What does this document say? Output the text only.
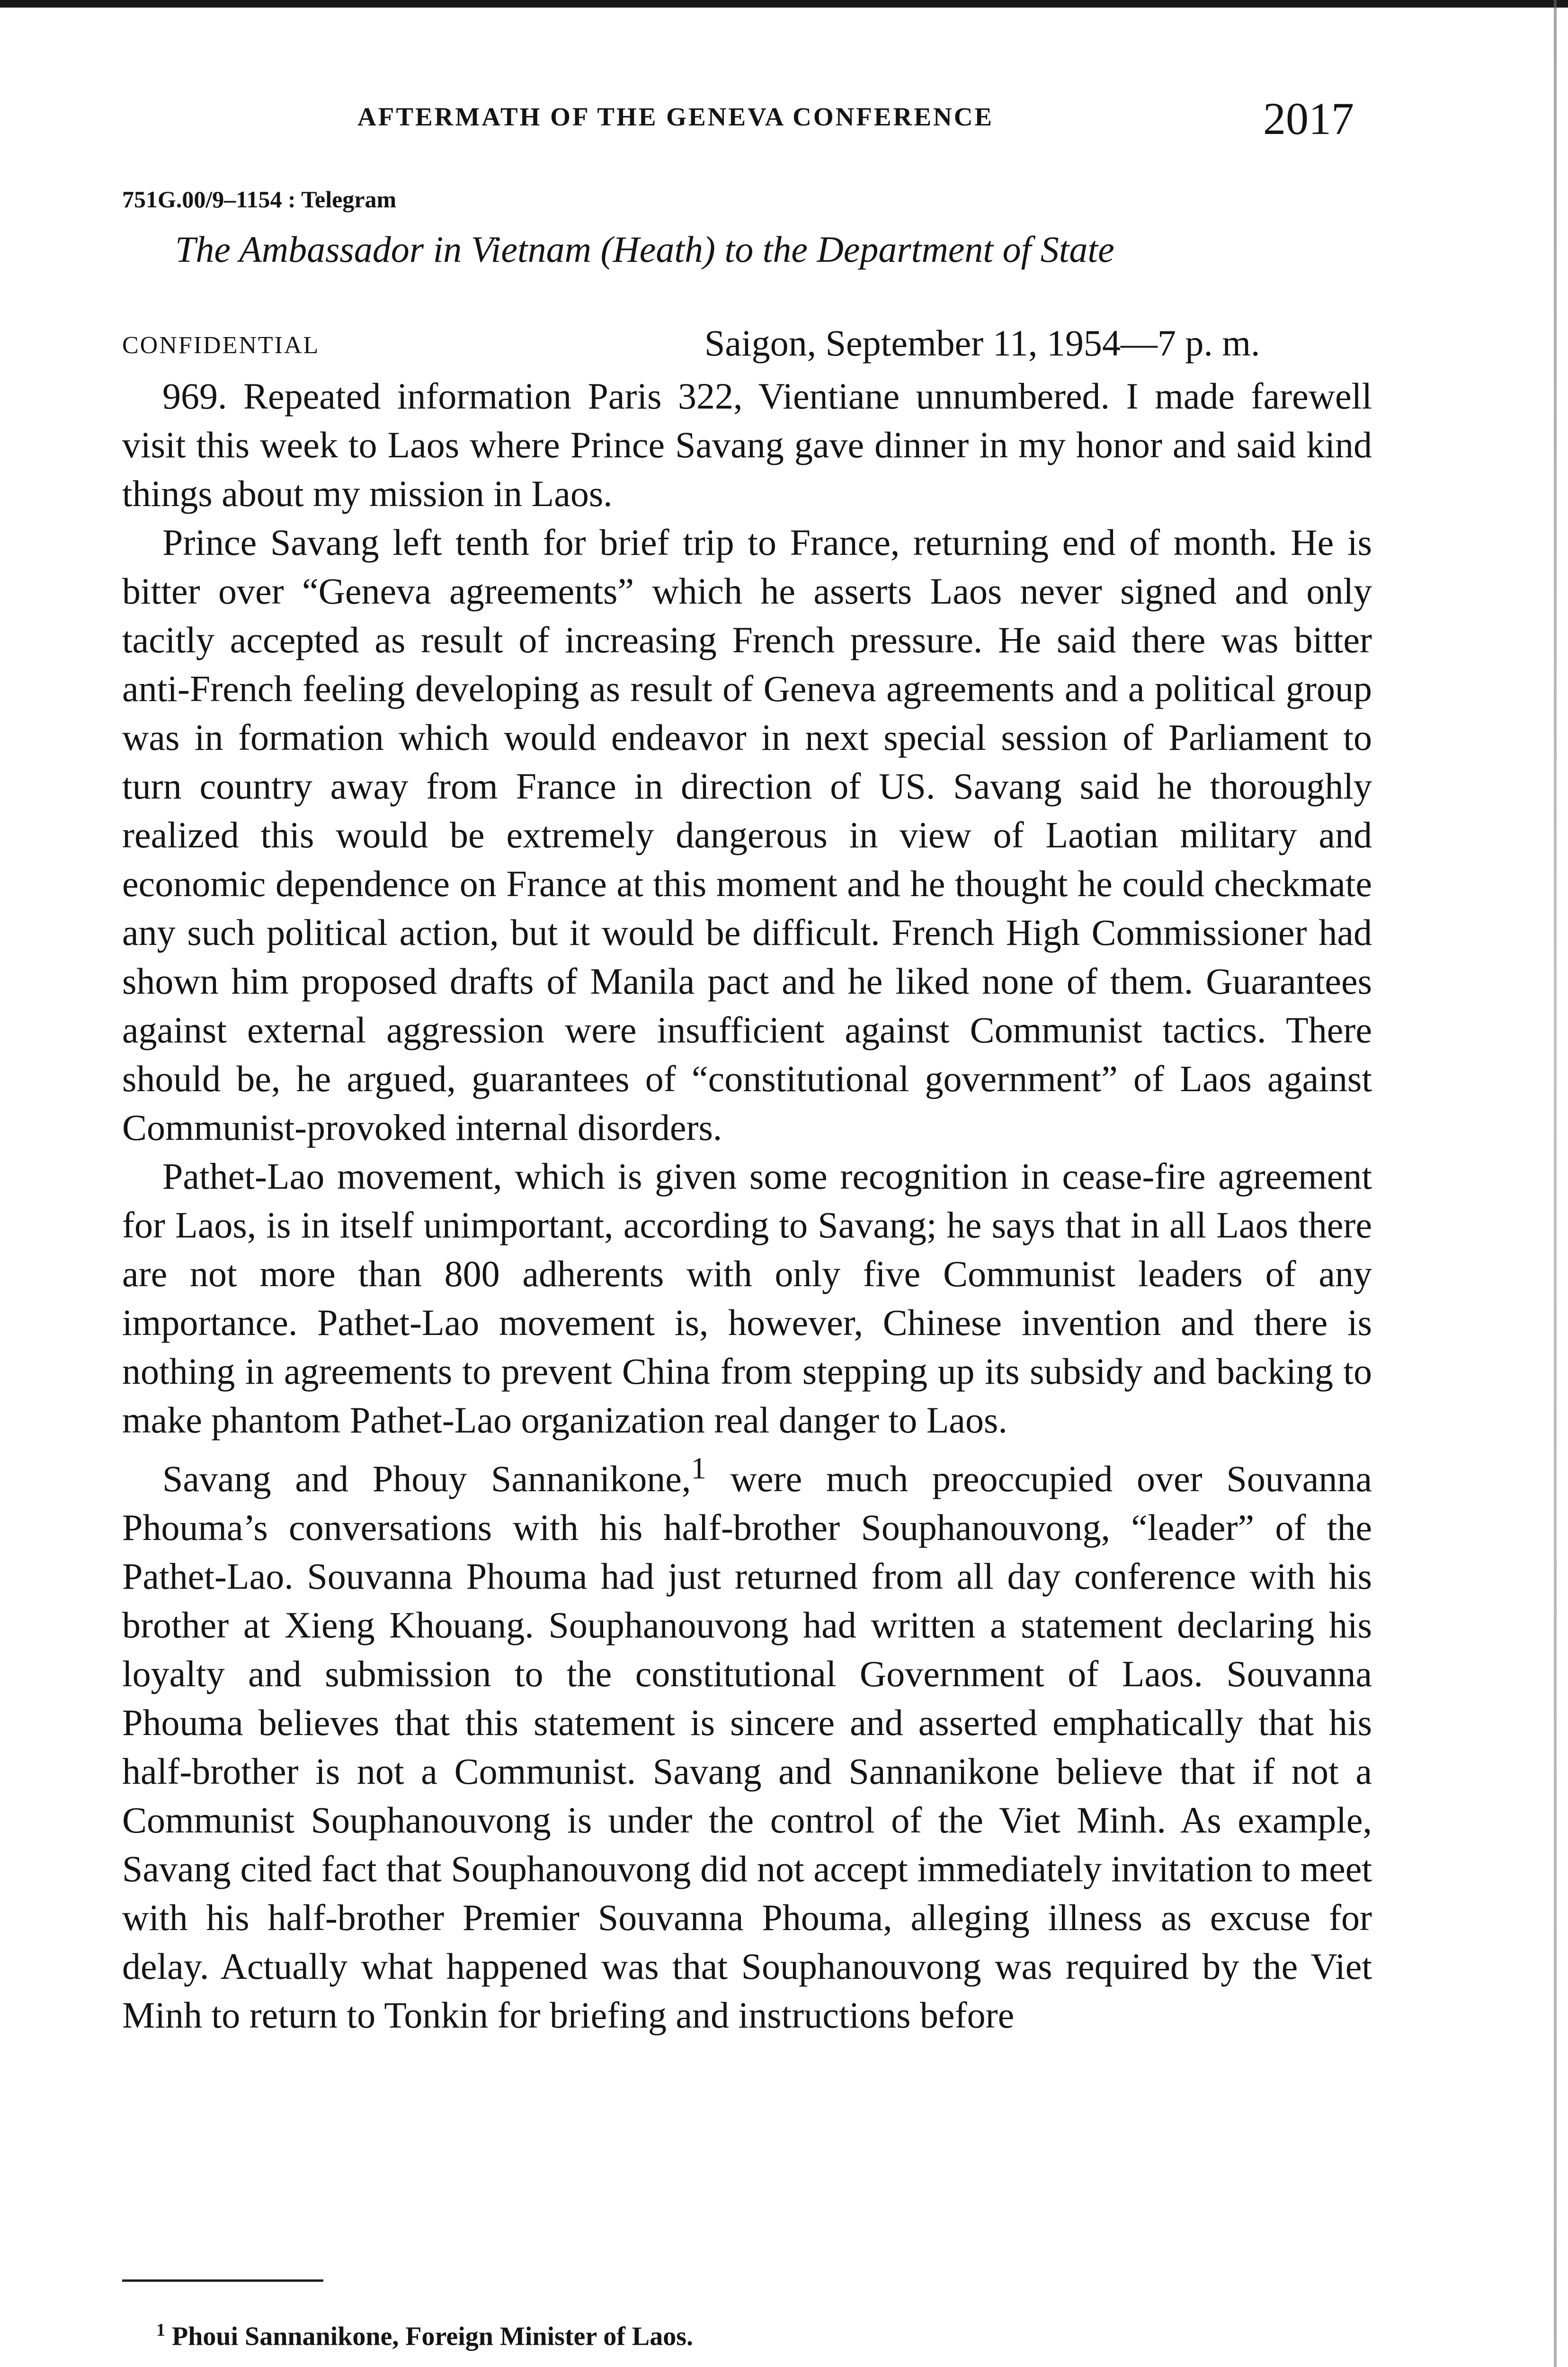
AFTERMATH OF THE GENEVA CONFERENCE	2017
751G.00/9–1154 : Telegram
The Ambassador in Vietnam (Heath) to the Department of State
CONFIDENTIAL	Saigon, September 11, 1954—7 p. m.

969. Repeated information Paris 322, Vientiane unnumbered. I made farewell visit this week to Laos where Prince Savang gave dinner in my honor and said kind things about my mission in Laos.

Prince Savang left tenth for brief trip to France, returning end of month. He is bitter over “Geneva agreements” which he asserts Laos never signed and only tacitly accepted as result of increasing French pressure. He said there was bitter anti-French feeling developing as result of Geneva agreements and a political group was in formation which would endeavor in next special session of Parliament to turn country away from France in direction of US. Savang said he thoroughly realized this would be extremely dangerous in view of Laotian military and economic dependence on France at this moment and he thought he could checkmate any such political action, but it would be difficult. French High Commissioner had shown him proposed drafts of Manila pact and he liked none of them. Guarantees against external aggression were insufficient against Communist tactics. There should be, he argued, guarantees of “constitutional government” of Laos against Communist-provoked internal disorders.

Pathet-Lao movement, which is given some recognition in cease-fire agreement for Laos, is in itself unimportant, according to Savang; he says that in all Laos there are not more than 800 adherents with only five Communist leaders of any importance. Pathet-Lao movement is, however, Chinese invention and there is nothing in agreements to prevent China from stepping up its subsidy and backing to make phantom Pathet-Lao organization real danger to Laos.

Savang and Phouy Sannanikone,$^1$ were much preoccupied over Souvanna Phouma’s conversations with his half-brother Souphanouvong, “leader” of the Pathet-Lao. Souvanna Phouma had just returned from all day conference with his brother at Xieng Khouang. Souphanouvong had written a statement declaring his loyalty and submission to the constitutional Government of Laos. Souvanna Phouma believes that this statement is sincere and asserted emphatically that his half-brother is not a Communist. Savang and Sannanikone believe that if not a Communist Souphanouvong is under the control of the Viet Minh. As example, Savang cited fact that Souphanouvong did not accept immediately invitation to meet with his half-brother Premier Souvanna Phouma, alleging illness as excuse for delay. Actually what happened was that Souphanouvong was required by the Viet Minh to return to Tonkin for briefing and instructions before

$^1$ Phoui Sannanikone, Foreign Minister of Laos.
